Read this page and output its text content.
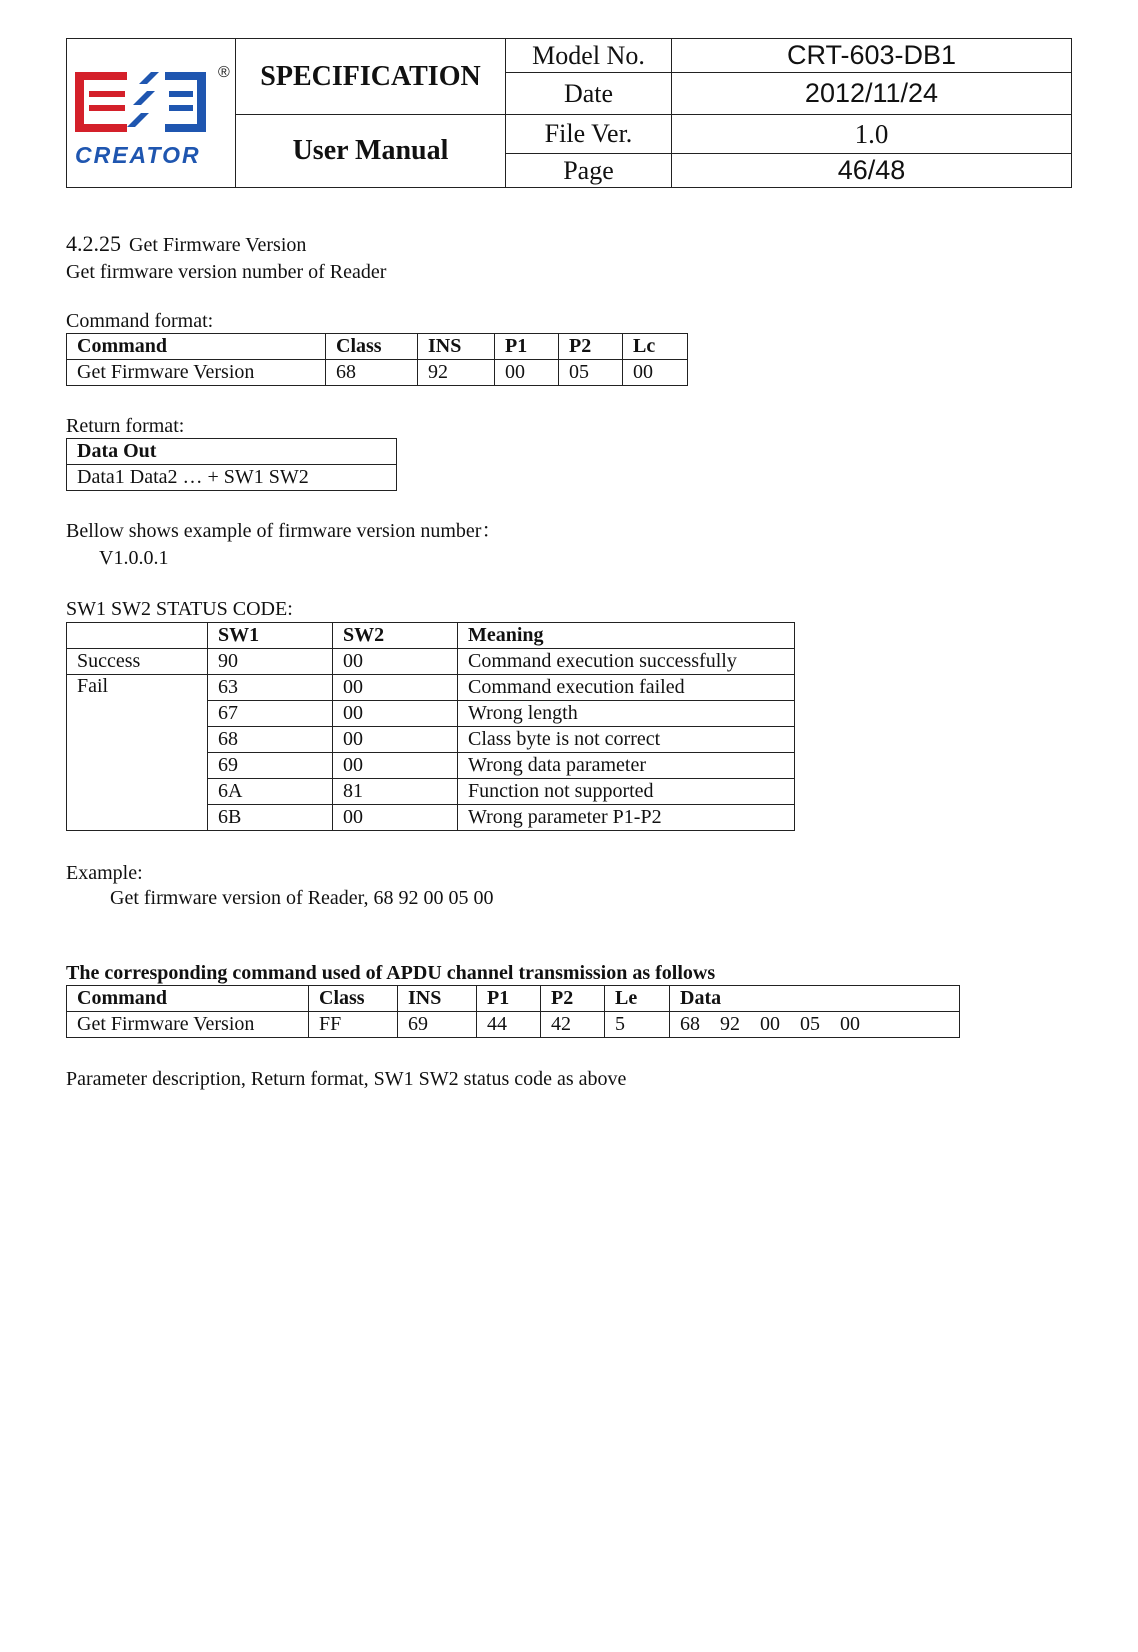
®
CREATOR	SPECIFICATION	Model No.	CRT-603-DB1
		Date	2012/11/24
	User Manual	File Ver.	1.0
		Page	46/48
4.2.25 Get Firmware Version
Get firmware version number of Reader
Command format:
Command	Class	INS	P1	P2	Lc
Get Firmware Version	68	92	00	05	00
Return format:
Data Out
Data1 Data2 … + SW1 SW2
Bellow shows example of firmware version number：
V1.0.0.1
SW1 SW2 STATUS CODE:
	SW1	SW2	Meaning
Success	90	00	Command execution successfully
Fail	63	00	Command execution failed
	67	00	Wrong length
	68	00	Class byte is not correct
	69	00	Wrong data parameter
	6A	81	Function not supported
	6B	00	Wrong parameter P1-P2
Example:
Get firmware version of Reader, 68 92 00 05 00
The corresponding command used of APDU channel transmission as follows
Command	Class	INS	P1	P2	Le	Data
Get Firmware Version	FF	69	44	42	5	68    92    00    05    00
Parameter description, Return format, SW1 SW2 status code as above
